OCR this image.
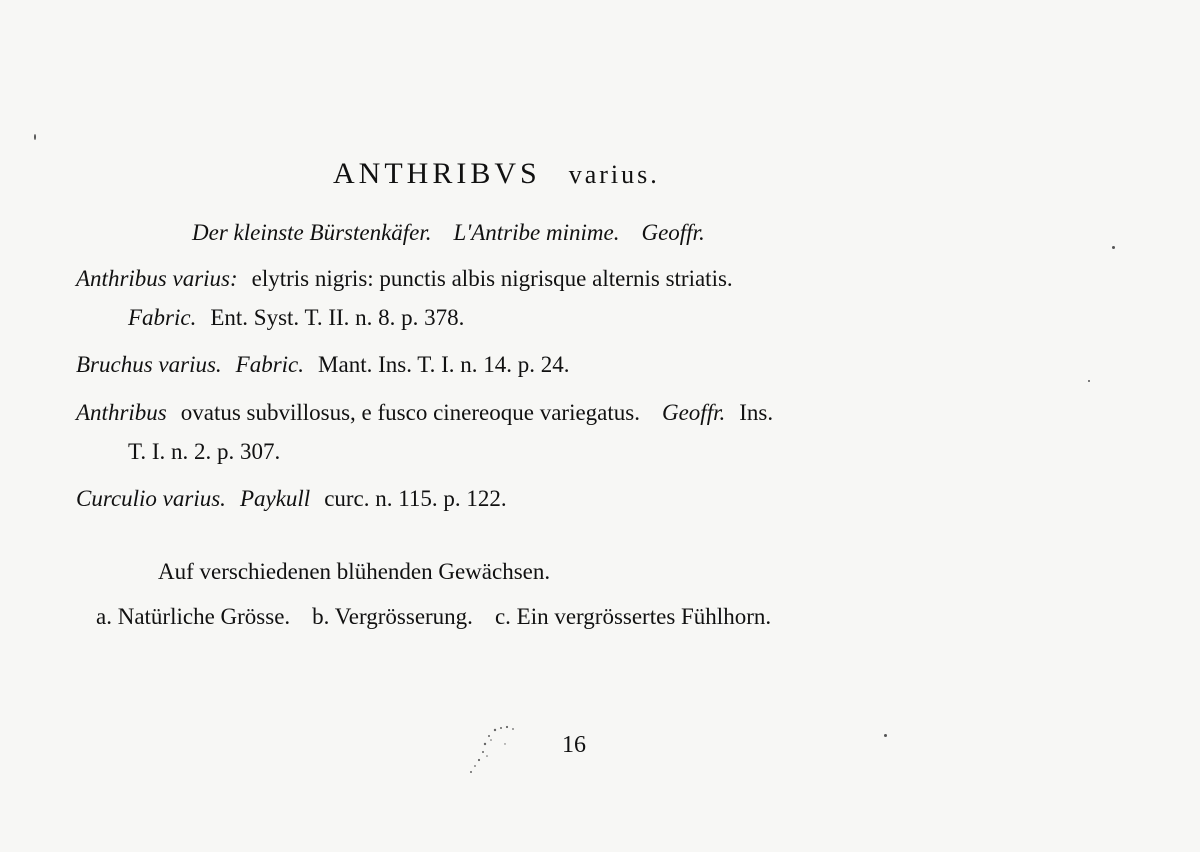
ANTHRIBVS varius.
Der kleinste Bürstenkäfer. L'Antribe minime. Geoffr.
Anthribus varius: elytris nigris: punctis albis nigrisque alternis striatis.
Fabric. Ent. Syst. T. II. n. 8. p. 378.
Bruchus varius. Fabric. Mant. Ins. T. I. n. 14. p. 24.
Anthribus ovatus subvillosus, e fusco cinereoque variegatus. Geoffr. Ins.
T. I. n. 2. p. 307.
Curculio varius. Paykull curc. n. 115. p. 122.
Auf verschiedenen blühenden Gewächsen.
a. Natürliche Grösse. b. Vergrösserung. c. Ein vergrössertes Fühlhorn.
16
